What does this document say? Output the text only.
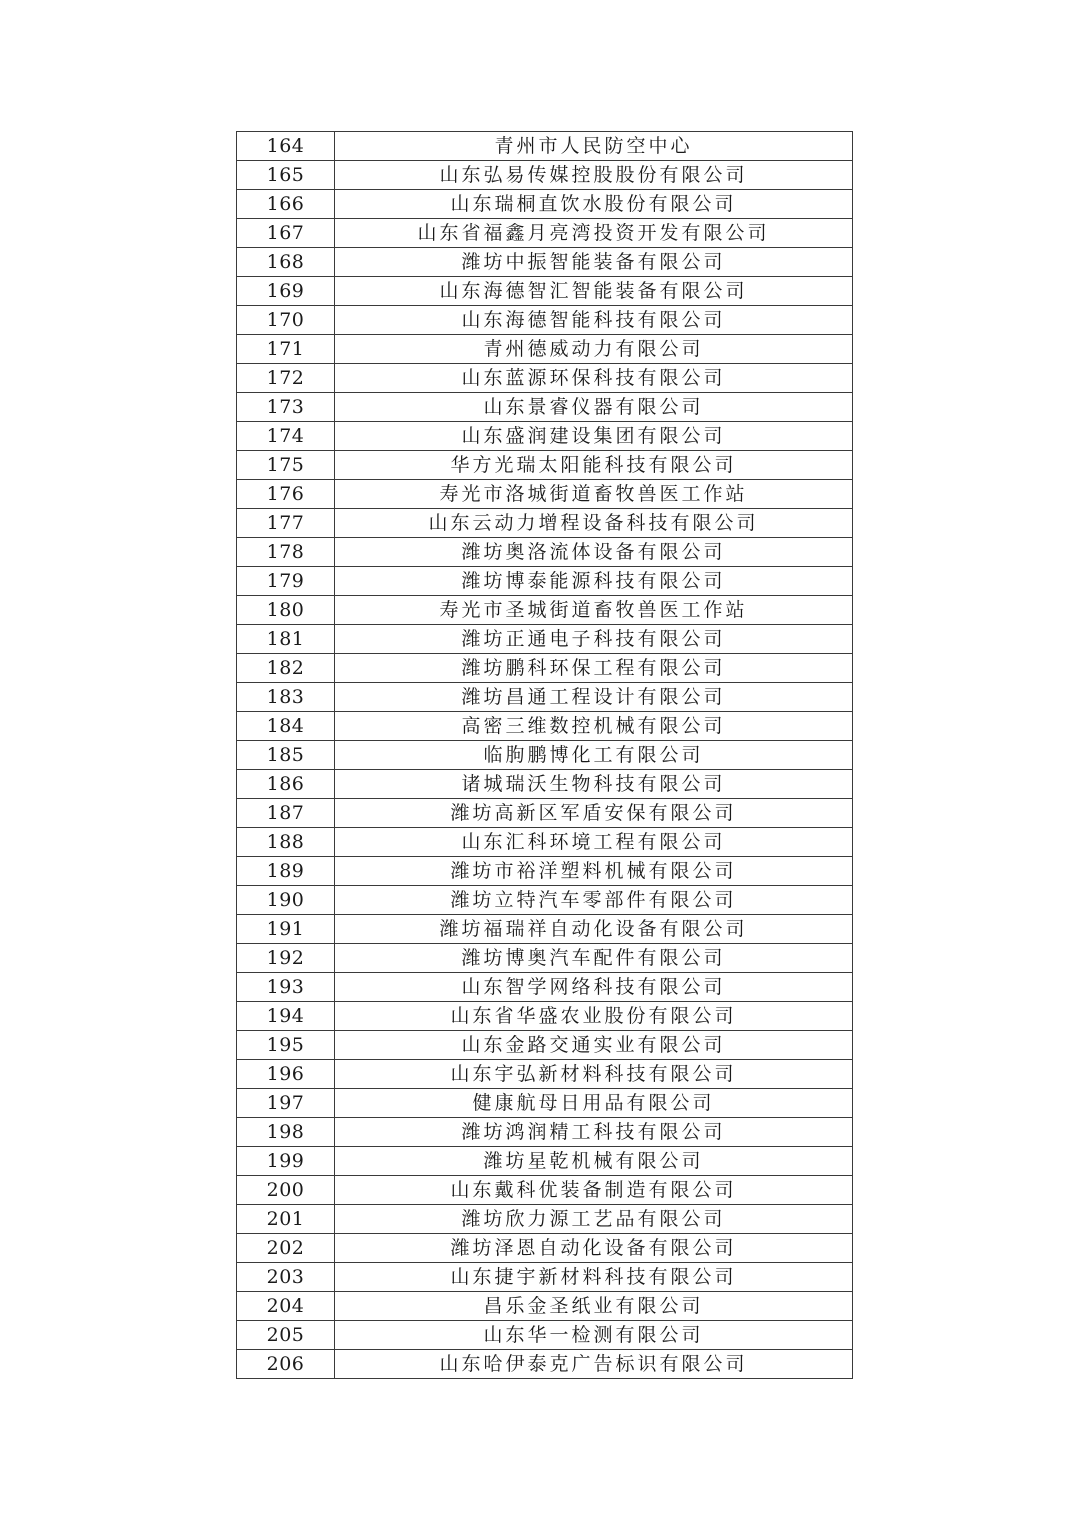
164	青州市人民防空中心
165	山东弘易传媒控股股份有限公司
166	山东瑞桐直饮水股份有限公司
167	山东省福鑫月亮湾投资开发有限公司
168	潍坊中振智能装备有限公司
169	山东海德智汇智能装备有限公司
170	山东海德智能科技有限公司
171	青州德威动力有限公司
172	山东蓝源环保科技有限公司
173	山东景睿仪器有限公司
174	山东盛润建设集团有限公司
175	华方光瑞太阳能科技有限公司
176	寿光市洛城街道畜牧兽医工作站
177	山东云动力增程设备科技有限公司
178	潍坊奥洛流体设备有限公司
179	潍坊博泰能源科技有限公司
180	寿光市圣城街道畜牧兽医工作站
181	潍坊正通电子科技有限公司
182	潍坊鹏科环保工程有限公司
183	潍坊昌通工程设计有限公司
184	高密三维数控机械有限公司
185	临朐鹏博化工有限公司
186	诸城瑞沃生物科技有限公司
187	潍坊高新区军盾安保有限公司
188	山东汇科环境工程有限公司
189	潍坊市裕洋塑料机械有限公司
190	潍坊立特汽车零部件有限公司
191	潍坊福瑞祥自动化设备有限公司
192	潍坊博奥汽车配件有限公司
193	山东智学网络科技有限公司
194	山东省华盛农业股份有限公司
195	山东金路交通实业有限公司
196	山东宇弘新材料科技有限公司
197	健康航母日用品有限公司
198	潍坊鸿润精工科技有限公司
199	潍坊星乾机械有限公司
200	山东戴科优装备制造有限公司
201	潍坊欣力源工艺品有限公司
202	潍坊泽恩自动化设备有限公司
203	山东捷宇新材料科技有限公司
204	昌乐金圣纸业有限公司
205	山东华一检测有限公司
206	山东哈伊泰克广告标识有限公司
